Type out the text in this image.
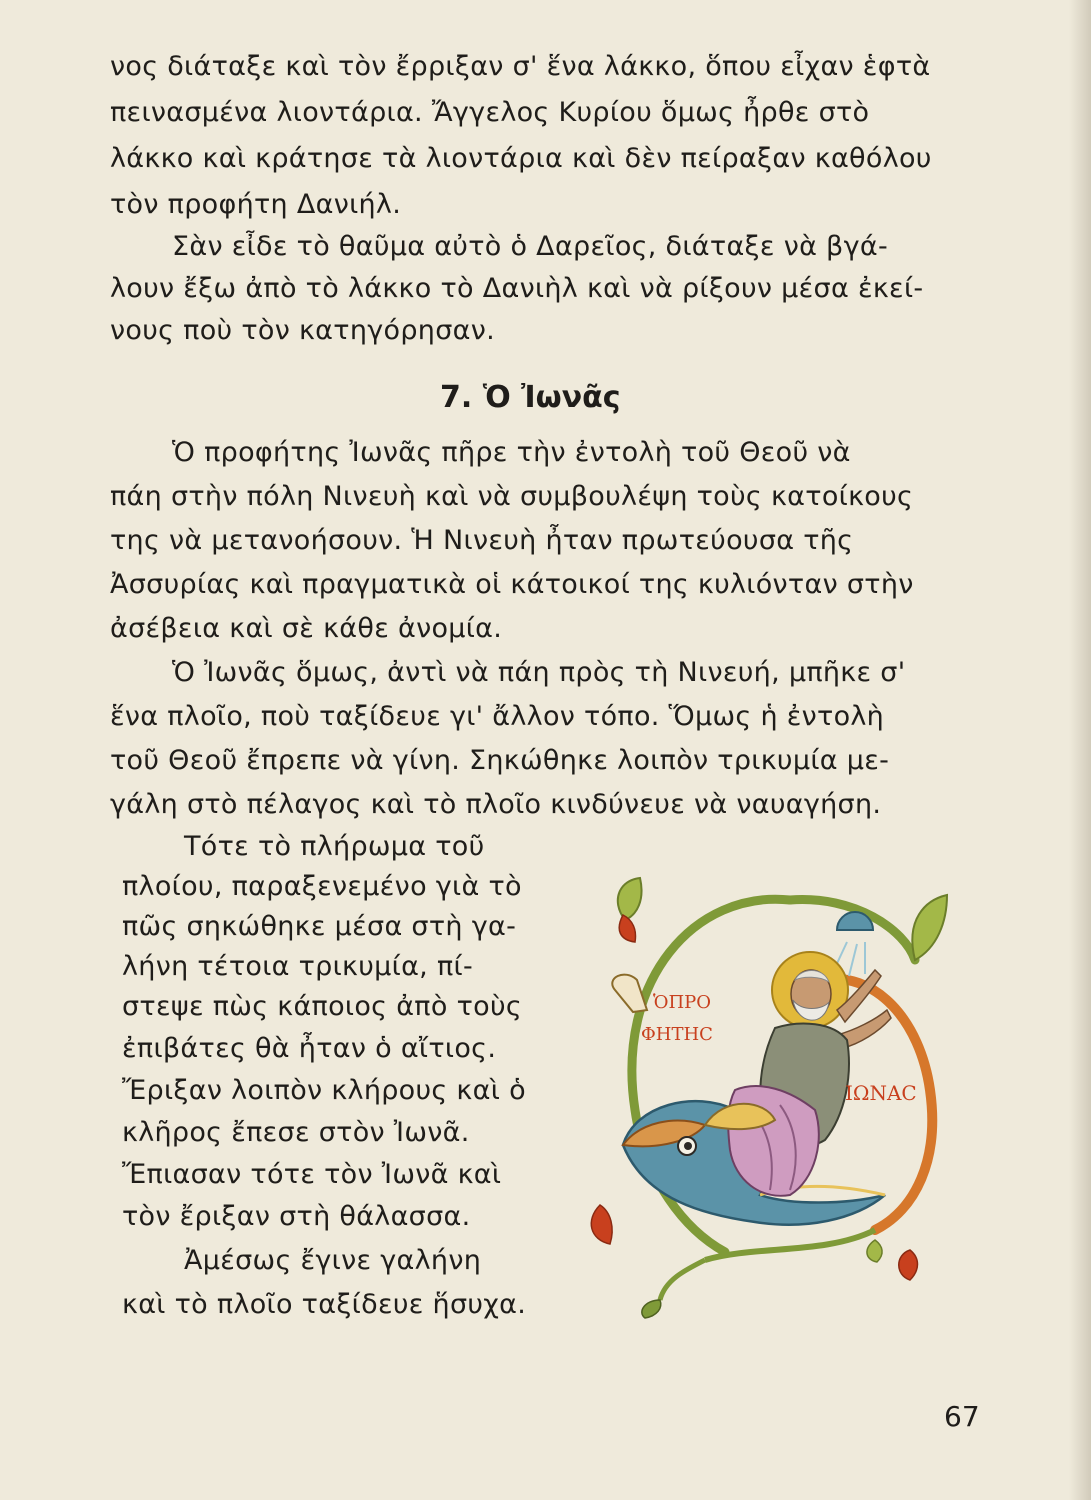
νος διάταξε καὶ τὸν ἔρριξαν σ' ἕνα λάκκο, ὅπου εἶχαν ἑφτὰ
πεινασμένα λιοντάρια. Ἄγγελος Κυρίου ὅμως ἦρθε στὸ
λάκκο καὶ κράτησε τὰ λιοντάρια καὶ δὲν πείραξαν καθόλου
τὸν προφήτη Δανιήλ.
Σὰν εἶδε τὸ θαῦμα αὐτὸ ὁ Δαρεῖος, διάταξε νὰ βγά-
λουν ἔξω ἀπὸ τὸ λάκκο τὸ Δανιὴλ καὶ νὰ ρίξουν μέσα ἐκεί-
νους ποὺ τὸν κατηγόρησαν.
7. Ὁ Ἰωνᾶς
Ὁ προφήτης Ἰωνᾶς πῆρε τὴν ἐντολὴ τοῦ Θεοῦ νὰ
πάη στὴν πόλη Νινευὴ καὶ νὰ συμβουλέψη τοὺς κατοίκους
της νὰ μετανοήσουν. Ἡ Νινευὴ ἦταν πρωτεύουσα τῆς
Ἀσσυρίας καὶ πραγματικὰ οἱ κάτοικοί της κυλιόνταν στὴν
ἀσέβεια καὶ σὲ κάθε ἀνομία.
Ὁ Ἰωνᾶς ὅμως, ἀντὶ νὰ πάη πρὸς τὴ Νινευή, μπῆκε σ'
ἕνα πλοῖο, ποὺ ταξίδευε γι' ἄλλον τόπο. Ὅμως ἡ ἐντολὴ
τοῦ Θεοῦ ἔπρεπε νὰ γίνη. Σηκώθηκε λοιπὸν τρικυμία με-
γάλη στὸ πέλαγος καὶ τὸ πλοῖο κινδύνευε νὰ ναυαγήση.
Τότε τὸ πλήρωμα τοῦ
πλοίου, παραξενεμένο γιὰ τὸ
πῶς σηκώθηκε μέσα στὴ γα-
λήνη τέτοια τρικυμία, πί-
στεψε πὼς κάποιος ἀπὸ τοὺς
ἐπιβάτες θὰ ἦταν ὁ αἴτιος.
Ἔριξαν λοιπὸν κλήρους καὶ ὁ
κλῆρος ἔπεσε στὸν Ἰωνᾶ.
Ἔπιασαν τότε τὸν Ἰωνᾶ καὶ
τὸν ἔριξαν στὴ θάλασσα.
Ἀμέσως ἔγινε γαλήνη
καὶ τὸ πλοῖο ταξίδευε ἥσυχα.
ὉΠΡΟ
ΦΗΤΗϹ
ΙΩΝΑϹ
67
